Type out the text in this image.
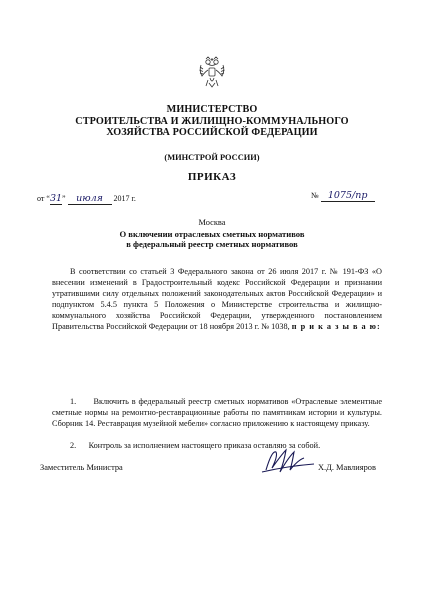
МИНИСТЕРСТВО
СТРОИТЕЛЬСТВА И ЖИЛИЩНО-КОММУНАЛЬНОГО
ХОЗЯЙСТВА РОССИЙСКОЙ ФЕДЕРАЦИИ
(МИНСТРОЙ РОССИИ)
ПРИКАЗ
от “31” июля 2017 г.	№ 1075/пр
Москва
О включении отраслевых сметных нормативов
в федеральный реестр сметных нормативов
В соответствии со статьей 3 Федерального закона от 26 июля 2017 г. № 191-ФЗ «О внесении изменений в Градостроительный кодекс Российской Федерации и признании утратившими силу отдельных положений законодательных актов Российской Федерации» и подпунктом 5.4.5 пункта 5 Положения о Министерстве строительства и жилищно-коммунального хозяйства Российской Федерации, утвержденного постановлением Правительства Российской Федерации от 18 ноября 2013 г. № 1038, п р и к а з ы в а ю:
1.      Включить в федеральный реестр сметных нормативов «Отраслевые элементные сметные нормы на ремонтно-реставрационные работы по памятникам истории и культуры. Сборник 14. Реставрация музейной мебели» согласно приложению к настоящему приказу.
2.      Контроль за исполнением настоящего приказа оставляю за собой.
Заместитель Министра	Х.Д. Мавлияров
